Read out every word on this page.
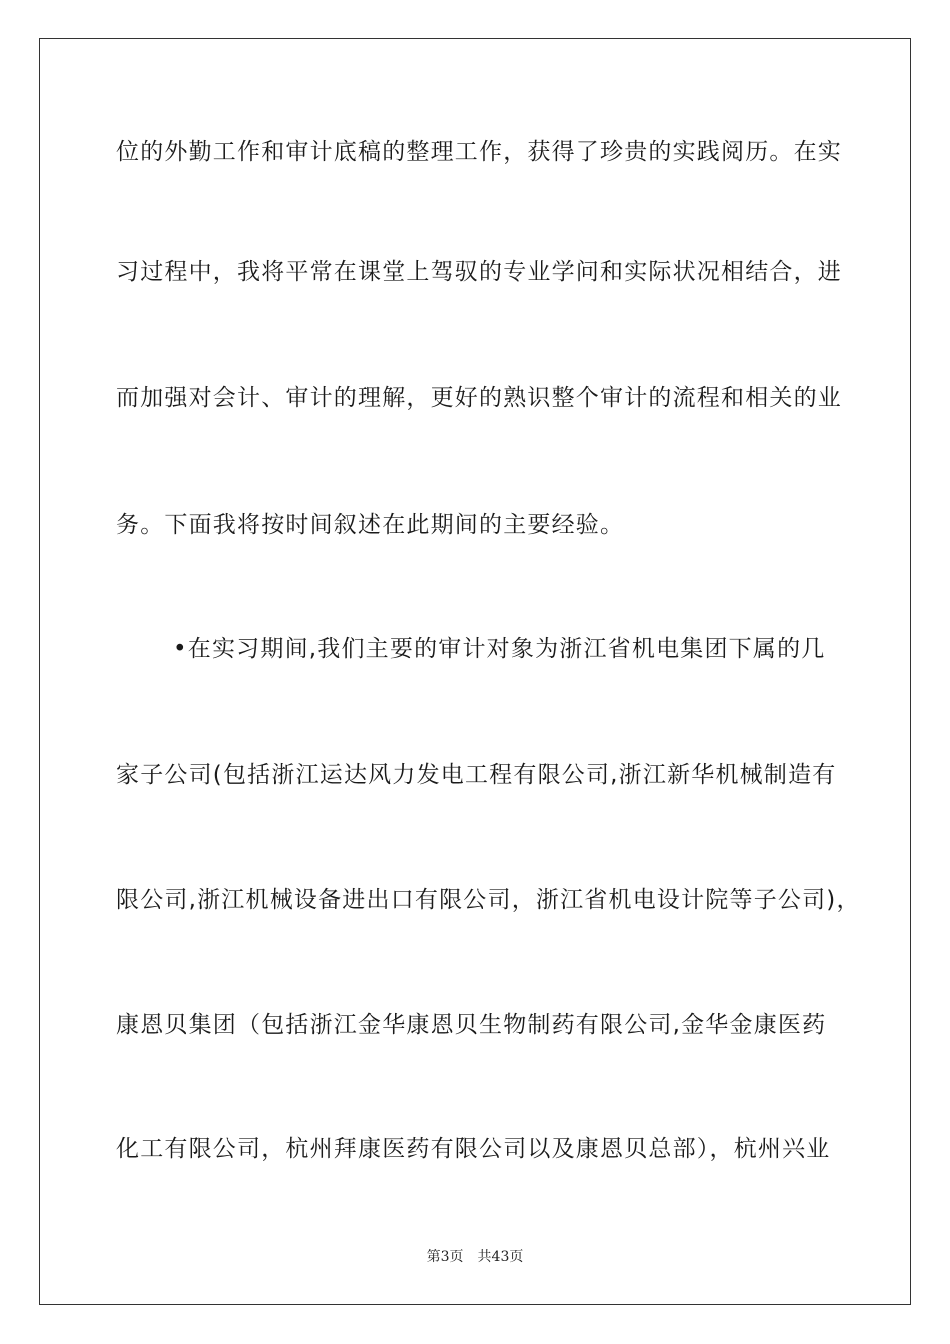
位的外勤工作和审计底稿的整理工作，获得了珍贵的实践阅历。在实
习过程中，我将平常在课堂上驾驭的专业学问和实际状况相结合，进
而加强对会计、审计的理解，更好的熟识整个审计的流程和相关的业
务。下面我将按时间叙述在此期间的主要经验。
•在实习期间,我们主要的审计对象为浙江省机电集团下属的几
家子公司(包括浙江运达风力发电工程有限公司,浙江新华机械制造有
限公司,浙江机械设备进出口有限公司，浙江省机电设计院等子公司)，
康恩贝集团（包括浙江金华康恩贝生物制药有限公司,金华金康医药
化工有限公司，杭州拜康医药有限公司以及康恩贝总部），杭州兴业
第3页 共43页
